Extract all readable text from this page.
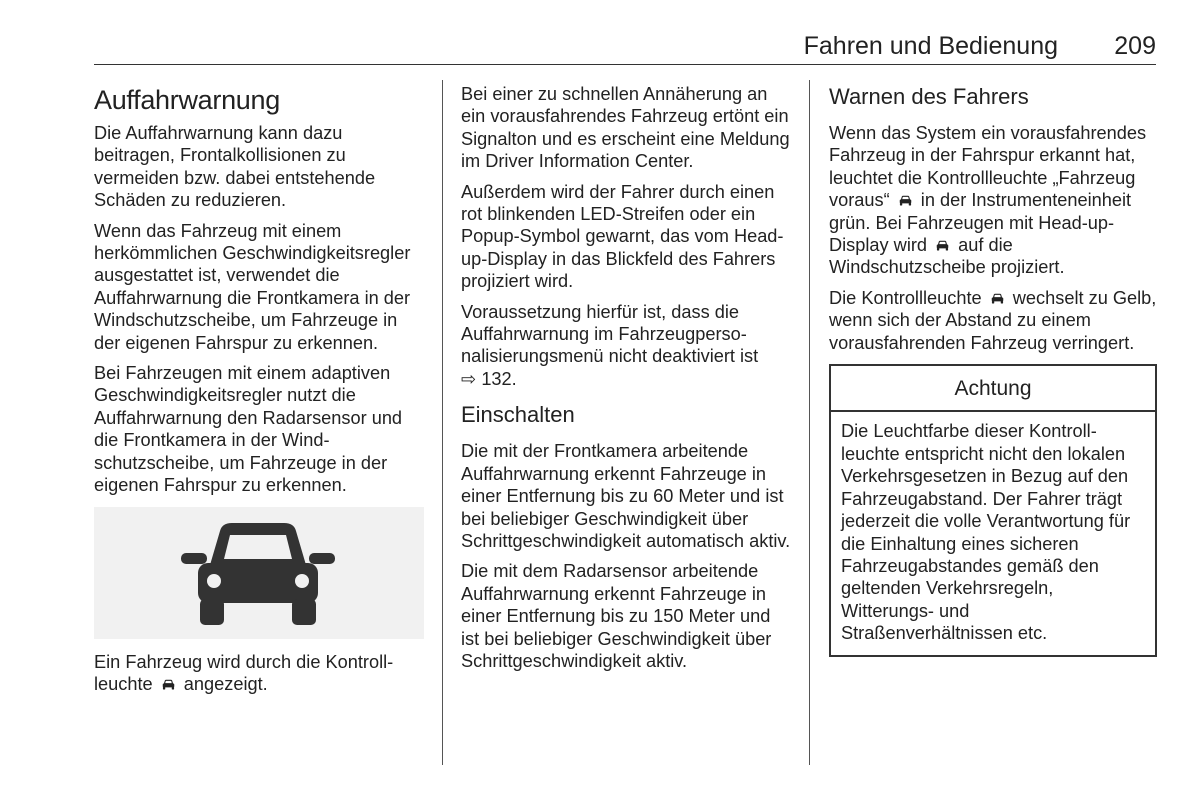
Fahren und Bedienung 209
Auffahrwarnung

Die Auffahrwarnung kann dazu beitragen, Frontalkollisionen zu vermeiden bzw. dabei entstehende Schäden zu reduzieren.

Wenn das Fahrzeug mit einem herkömmlichen Geschwindigkeitsregler ausgestattet ist, verwendet die Auffahrwarnung die Frontkamera in der Windschutzscheibe, um Fahrzeuge in der eigenen Fahrspur zu erkennen.

Bei Fahrzeugen mit einem adaptiven Geschwindigkeitsregler nutzt die Auffahrwarnung den Radarsensor und die Frontkamera in der Windschutzscheibe, um Fahrzeuge in der eigenen Fahrspur zu erkennen.

Ein Fahrzeug wird durch die Kontrollleuchte angezeigt.

Bei einer zu schnellen Annäherung an ein vorausfahrendes Fahrzeug ertönt ein Signalton und es erscheint eine Meldung im Driver Information Center.

Außerdem wird der Fahrer durch einen rot blinkenden LED-Streifen oder ein Popup-Symbol gewarnt, das vom Head-up-Display in das Blickfeld des Fahrers projiziert wird.

Voraussetzung hierfür ist, dass die Auffahrwarnung im Fahrzeugpersonalisierungsmenü nicht deaktiviert ist
⇨ 132.

Einschalten

Die mit der Frontkamera arbeitende Auffahrwarnung erkennt Fahrzeuge in einer Entfernung bis zu 60 Meter und ist bei beliebiger Geschwindigkeit über Schrittgeschwindigkeit automatisch aktiv.

Die mit dem Radarsensor arbeitende Auffahrwarnung erkennt Fahrzeuge in einer Entfernung bis zu 150 Meter und ist bei beliebiger Geschwindigkeit über Schrittgeschwindigkeit aktiv.

Warnen des Fahrers

Wenn das System ein vorausfahrendes Fahrzeug in der Fahrspur erkannt hat, leuchtet die Kontrollleuchte „Fahrzeug voraus“ in der Instrumenteneinheit grün. Bei Fahrzeugen mit Head-up-Display wird auf die Windschutzscheibe projiziert.

Die Kontrollleuchte wechselt zu Gelb, wenn sich der Abstand zu einem vorausfahrenden Fahrzeug verringert.

Achtung
Die Leuchtfarbe dieser Kontrollleuchte entspricht nicht den lokalen Verkehrsgesetzen in Bezug auf den Fahrzeugabstand. Der Fahrer trägt jederzeit die volle Verantwortung für die Einhaltung eines sicheren Fahrzeugabstandes gemäß den geltenden Verkehrsregeln, Witterungs- und Straßenverhältnissen etc.
